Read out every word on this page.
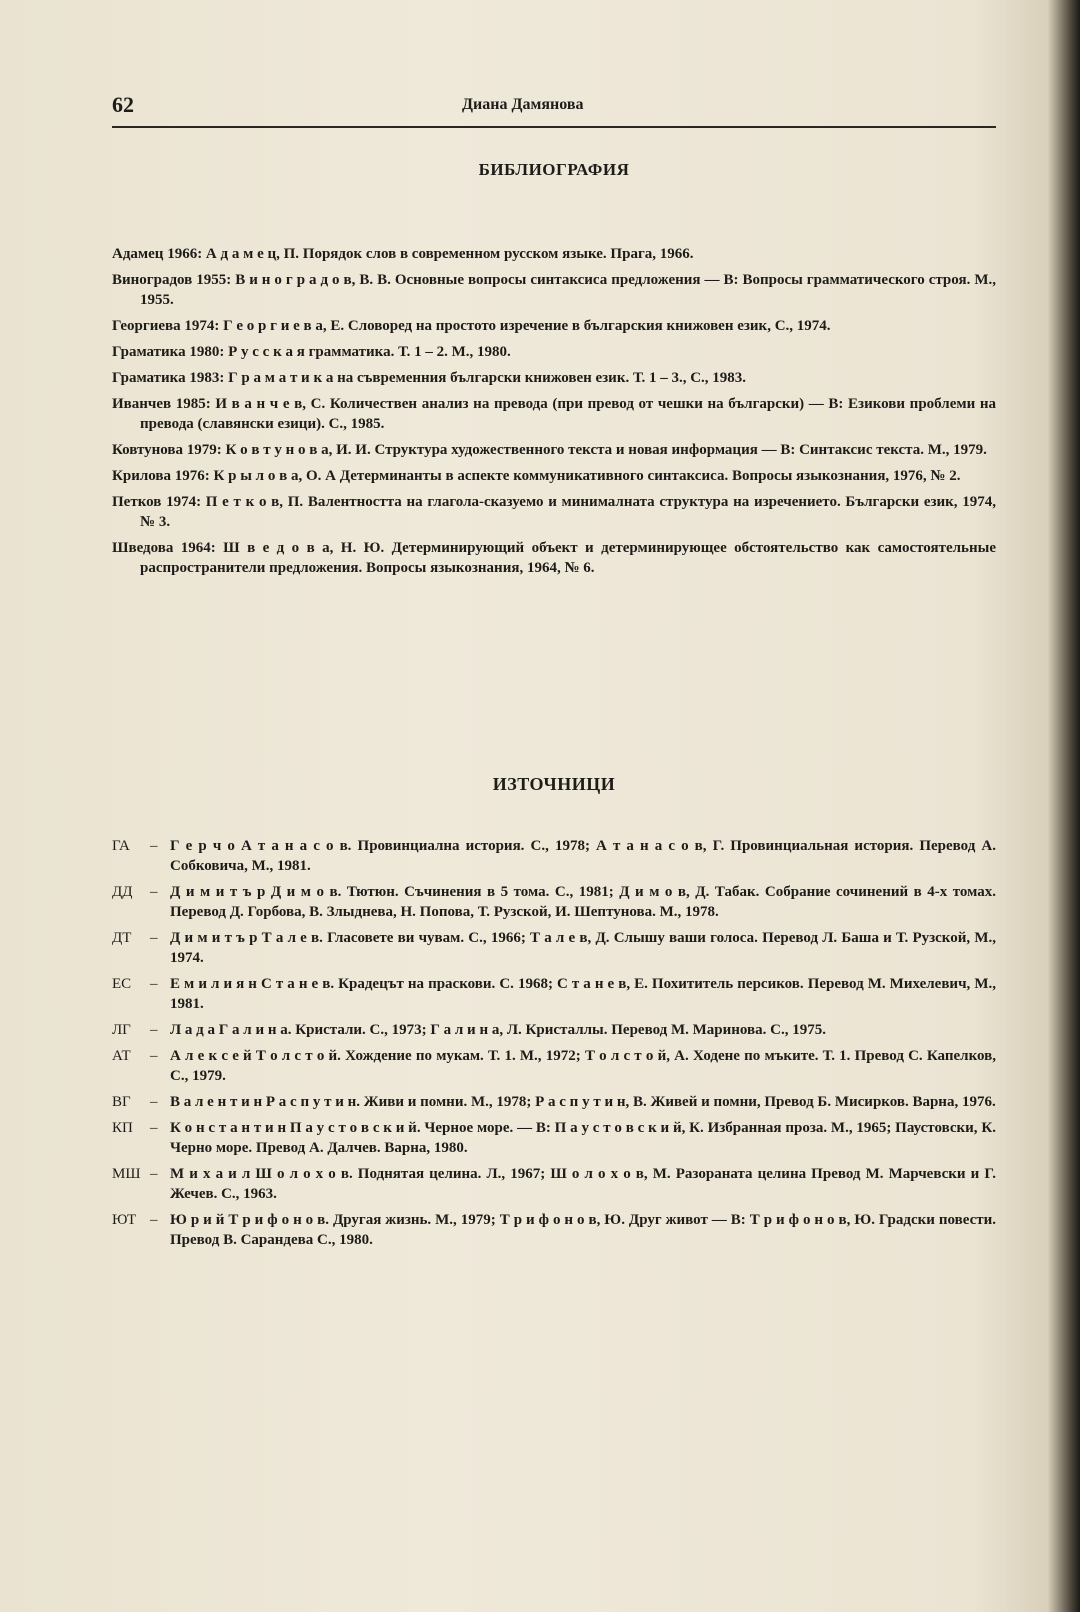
62	Диана Дамянова
БИБЛИОГРАФИЯ
Адамец 1966: А д а м е ц, П. Порядок слов в современном русском языке. Прага, 1966.
Виноградов 1955: В и н о г р а д о в, В. В. Основные вопросы синтаксиса предложения — В: Вопросы грамматического строя. М., 1955.
Георгиева 1974: Г е о р г и е в а, Е. Словоред на простото изречение в българския книжовен език, С., 1974.
Граматика 1980: Р у с с к а я грамматика. Т. 1 – 2. М., 1980.
Граматика 1983: Г р а м а т и к а на съвременния български книжовен език. Т. 1 – 3., С., 1983.
Иванчев 1985: И в а н ч е в, С. Количествен анализ на превода (при превод от чешки на български) — В: Езикови проблеми на превода (славянски езици). С., 1985.
Ковтунова 1979: К о в т у н о в а, И. И. Структура художественного текста и новая информация — В: Синтаксис текста. М., 1979.
Крилова 1976: К р ы л о в а, О. А Детерминанты в аспекте коммуникативного синтаксиса. Вопросы языкознания, 1976, № 2.
Петков 1974: П е т к о в, П. Валентността на глагола-сказуемо и минималната структура на изречението. Български език, 1974, № 3.
Шведова 1964: Ш в е д о в а, Н. Ю. Детерминирующий объект и детерминирующее обстоятельство как самостоятельные распространители предложения. Вопросы языкознания, 1964, № 6.
ИЗТОЧНИЦИ
ГА	– Г е р ч о А т а н а с о в. Провинциална история. С., 1978; А т а н а с о в, Г. Провинциальная история. Перевод А. Собковича, М., 1981.
ДД	– Д и м и т ъ р Д и м о в. Тютюн. Съчинения в 5 тома. С., 1981; Д и м о в, Д. Табак. Собрание сочинений в 4-х томах. Перевод Д. Горбова, В. Злыднева, Н. Попова, Т. Рузской, И. Шептунова. М., 1978.
ДТ	– Д и м и т ъ р Т а л е в. Гласовете ви чувам. С., 1966; Т а л е в, Д. Слышу ваши голоса. Перевод Л. Баша и Т. Рузской, М., 1974.
ЕС	– Е м и л и я н С т а н е в. Крадецът на праскови. С. 1968; С т а н е в, Е. Похититель персиков. Перевод М. Михелевич, М., 1981.
ЛГ	– Л а д а Г а л и н а. Кристали. С., 1973; Г а л и н а, Л. Кристаллы. Перевод М. Маринова. С., 1975.
АТ	– А л е к с е й Т о л с т о й. Хождение по мукам. Т. 1. М., 1972; Т о л с т о й, А. Ходене по мъките. Т. 1. Превод С. Капелков, С., 1979.
ВГ	– В а л е н т и н Р а с п у т и н. Живи и помни. М., 1978; Р а с п у т и н, В. Живей и помни, Превод Б. Мисирков. Варна, 1976.
КП	– К о н с т а н т и н П а у с т о в с к и й. Черное море. — В: П а у с т о в с к и й, К. Избранная проза. М., 1965; Паустовски, К. Черно море. Превод А. Далчев. Варна, 1980.
МШ – М и х а и л Ш о л о х о в. Поднятая целина. Л., 1967; Ш о л о х о в, М. Разораната целина Превод М. Марчевски и Г. Жечев. С., 1963.
ЮТ – Ю р и й Т р и ф о н о в. Другая жизнь. М., 1979; Т р и ф о н о в, Ю. Друг живот — В: Т р и ф о н о в, Ю. Градски повести. Превод В. Сарандева С., 1980.
